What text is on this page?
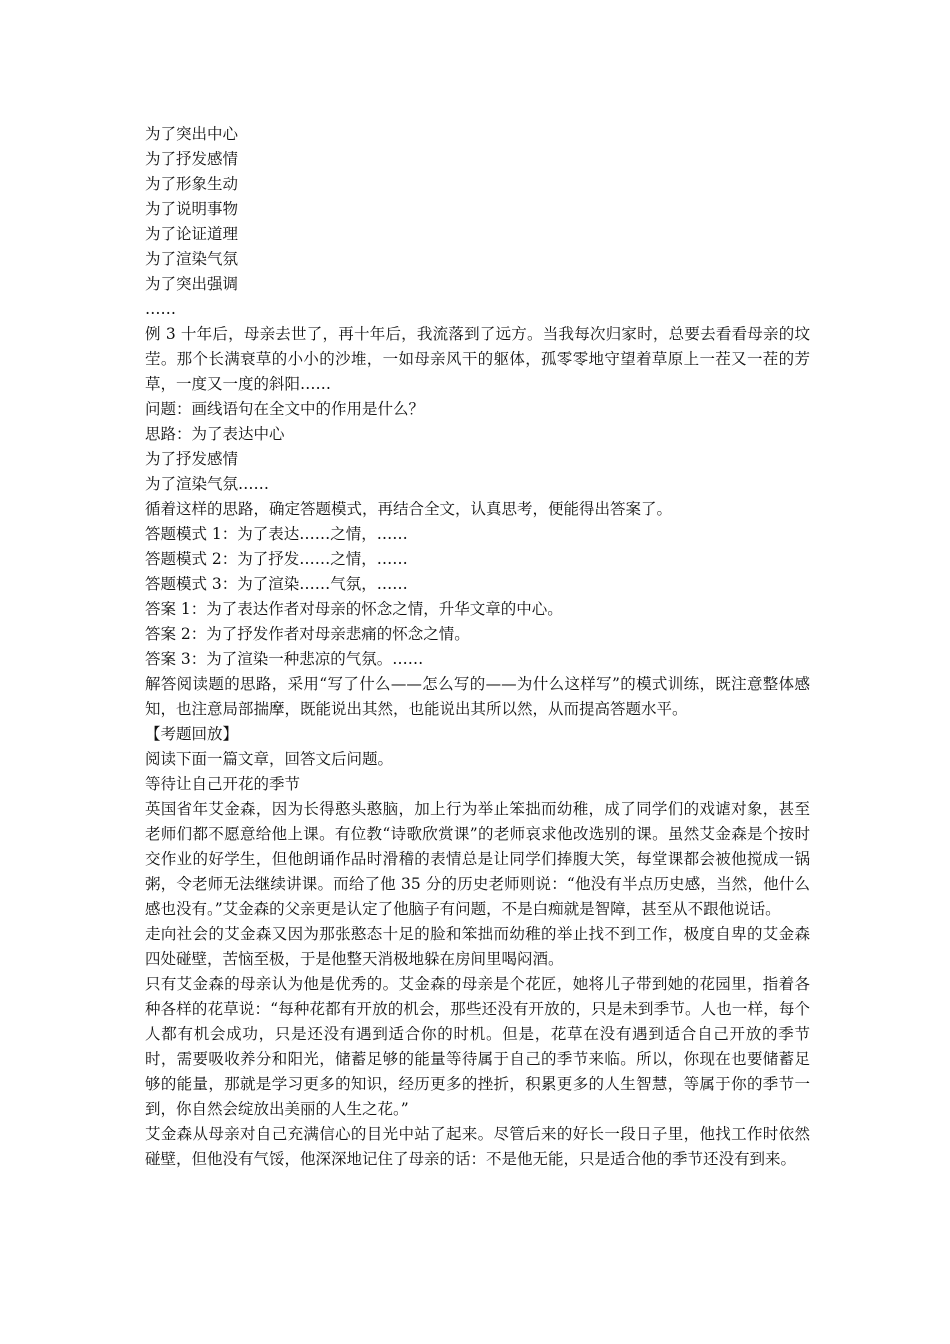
为了突出中心
为了抒发感情
为了形象生动
为了说明事物
为了论证道理
为了渲染气氛
为了突出强调
……
例 3 十年后，母亲去世了，再十年后，我流落到了远方。当我每次归家时，总要去看看母亲的坟茔。那个长满衰草的小小的沙堆，一如母亲风干的躯体，孤零零地守望着草原上一茬又一茬的芳草，一度又一度的斜阳……
问题：画线语句在全文中的作用是什么？
思路：为了表达中心
为了抒发感情
为了渲染气氛……
循着这样的思路，确定答题模式，再结合全文，认真思考，便能得出答案了。
答题模式 1：为了表达……之情，……
答题模式 2：为了抒发……之情，……
答题模式 3：为了渲染……气氛，……
答案 1：为了表达作者对母亲的怀念之情，升华文章的中心。
答案 2：为了抒发作者对母亲悲痛的怀念之情。
答案 3：为了渲染一种悲凉的气氛。……
解答阅读题的思路，采用“写了什么——怎么写的——为什么这样写”的模式训练，既注意整体感知，也注意局部揣摩，既能说出其然，也能说出其所以然，从而提高答题水平。
【考题回放】
阅读下面一篇文章，回答文后问题。
等待让自己开花的季节
英国省年艾金森，因为长得憨头憨脑，加上行为举止笨拙而幼稚，成了同学们的戏谑对象，甚至老师们都不愿意给他上课。有位教“诗歌欣赏课”的老师哀求他改选别的课。虽然艾金森是个按时交作业的好学生，但他朗诵作品时滑稽的表情总是让同学们捧腹大笑，每堂课都会被他搅成一锅粥，令老师无法继续讲课。而给了他 35 分的历史老师则说：“他没有半点历史感，当然，他什么感也没有。”艾金森的父亲更是认定了他脑子有问题，不是白痴就是智障，甚至从不跟他说话。
走向社会的艾金森又因为那张憨态十足的脸和笨拙而幼稚的举止找不到工作，极度自卑的艾金森四处碰壁，苦恼至极，于是他整天消极地躲在房间里喝闷酒。
只有艾金森的母亲认为他是优秀的。艾金森的母亲是个花匠，她将儿子带到她的花园里，指着各种各样的花草说：“每种花都有开放的机会，那些还没有开放的，只是未到季节。人也一样，每个人都有机会成功，只是还没有遇到适合你的时机。但是，花草在没有遇到适合自己开放的季节时，需要吸收养分和阳光，储蓄足够的能量等待属于自己的季节来临。所以，你现在也要储蓄足够的能量，那就是学习更多的知识，经历更多的挫折，积累更多的人生智慧，等属于你的季节一到，你自然会绽放出美丽的人生之花。”
艾金森从母亲对自己充满信心的目光中站了起来。尽管后来的好长一段日子里，他找工作时依然碰壁，但他没有气馁，他深深地记住了母亲的话：不是他无能，只是适合他的季节还没有到来。
